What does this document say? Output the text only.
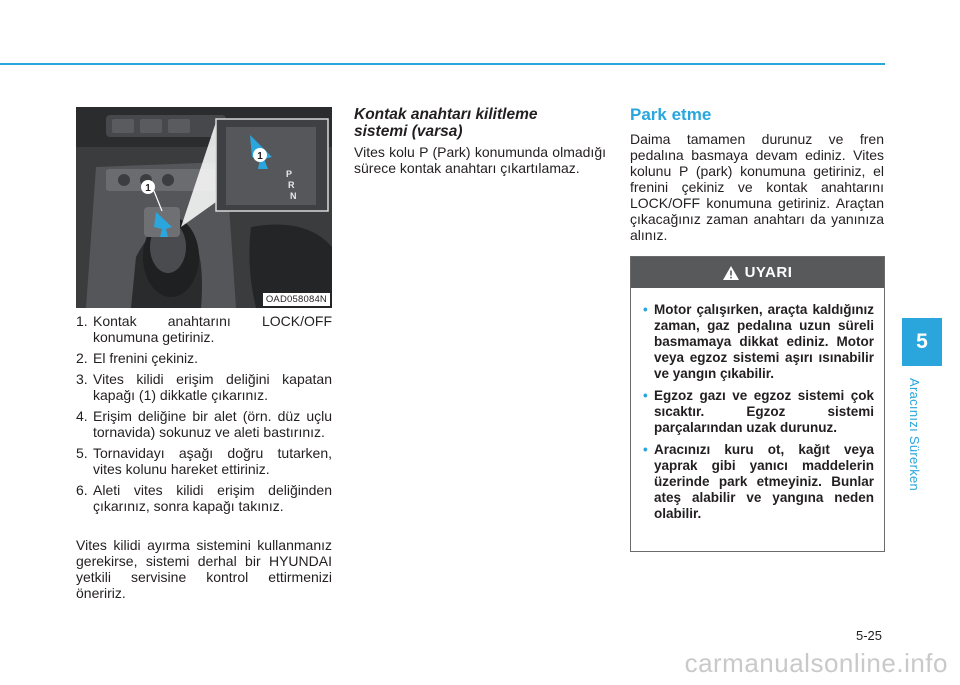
1
1
P
R
N
OAD058084N
1. Kontak anahtarını LOCK/OFF konumuna getiriniz.
2. El frenini çekiniz.
3. Vites kilidi erişim deliğini kapatan kapağı (1) dikkatle çıkarınız.
4. Erişim deliğine bir alet (örn. düz uçlu tornavida) sokunuz ve aleti bastırınız.
5. Tornavidayı aşağı doğru tutarken, vites kolunu hareket ettiriniz.
6. Aleti vites kilidi erişim deliğinden çıkarınız, sonra kapağı takınız.

Vites kilidi ayırma sistemini kullanmanız gerekirse, sistemi derhal bir HYUNDAI yetkili servisine kontrol ettirmenizi öneririz.

Kontak anahtarı kilitleme sistemi (varsa)

Vites kolu P (Park) konumunda olmadığı sürece kontak anahtarı çıkartılamaz.

Park etme

Daima tamamen durunuz ve fren pedalına basmaya devam ediniz. Vites kolunu P (park) konumuna getiriniz, el frenini çekiniz ve kontak anahtarını LOCK/OFF konumuna getiriniz. Araçtan çıkacağınız zaman anahtarı da yanınıza alınız.

UYARI
• Motor çalışırken, araçta kaldığınız zaman, gaz pedalına uzun süreli basmamaya dikkat ediniz. Motor veya egzoz sistemi aşırı ısınabilir ve yangın çıkabilir.
• Egzoz gazı ve egzoz sistemi çok sıcaktır. Egzoz sistemi parçalarından uzak durunuz.
• Aracınızı kuru ot, kağıt veya yaprak gibi yanıcı maddelerin üzerinde park etmeyiniz. Bunlar ateş alabilir ve yangına neden olabilir.
5
Aracınızı Sürerken
5-25
carmanualsonline.info
